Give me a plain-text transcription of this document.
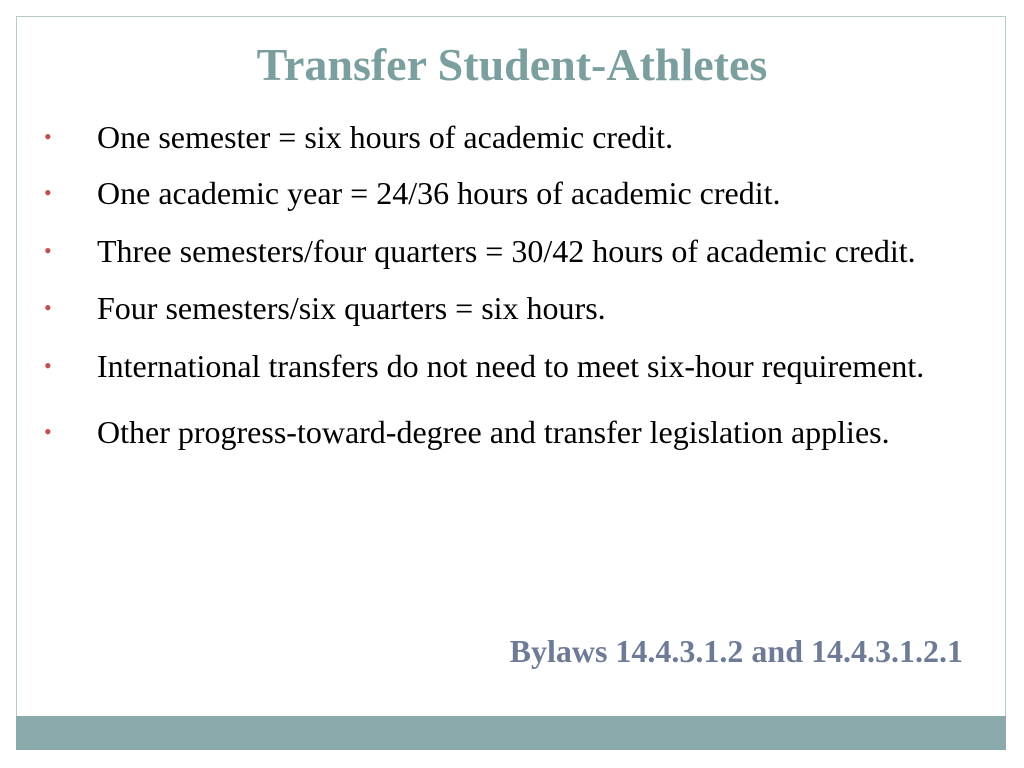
Transfer Student-Athletes
• One semester = six hours of academic credit.
• One academic year = 24/36 hours of academic credit.
• Three semesters/four quarters = 30/42 hours of academic credit.
• Four semesters/six quarters = six hours.
• International transfers do not need to meet six-hour requirement.
• Other progress-toward-degree and transfer legislation applies.
Bylaws 14.4.3.1.2 and 14.4.3.1.2.1
